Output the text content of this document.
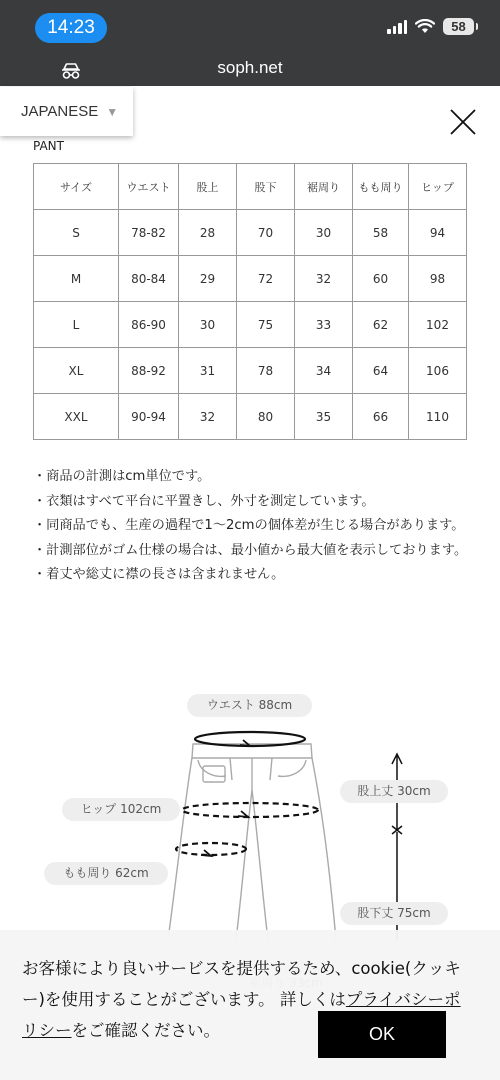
14:23	58
soph.net
JAPANESE ▼
PANT
サイズ	ウエスト	股上	股下	裾周り	もも周り	ヒップ
S	78-82	28	70	30	58	94
M	80-84	29	72	32	60	98
L	86-90	30	75	33	62	102
XL	88-92	31	78	34	64	106
XXL	90-94	32	80	35	66	110
・商品の計測はcm単位です。
・衣類はすべて平台に平置きし、外寸を測定しています。
・同商品でも、生産の過程で1〜2cmの個体差が生じる場合があります。
・計測部位がゴム仕様の場合は、最小値から最大値を表示しております。
・着丈や総丈に襟の長さは含まれません。
ウエスト 88cm
ヒップ 102cm
もも周り 62cm
股上丈 30cm
股下丈 75cm
お客様により良いサービスを提供するため、cookie(クッキー)を使用することがございます。 詳しくはプライバシーポリシーをご確認ください。	OK
